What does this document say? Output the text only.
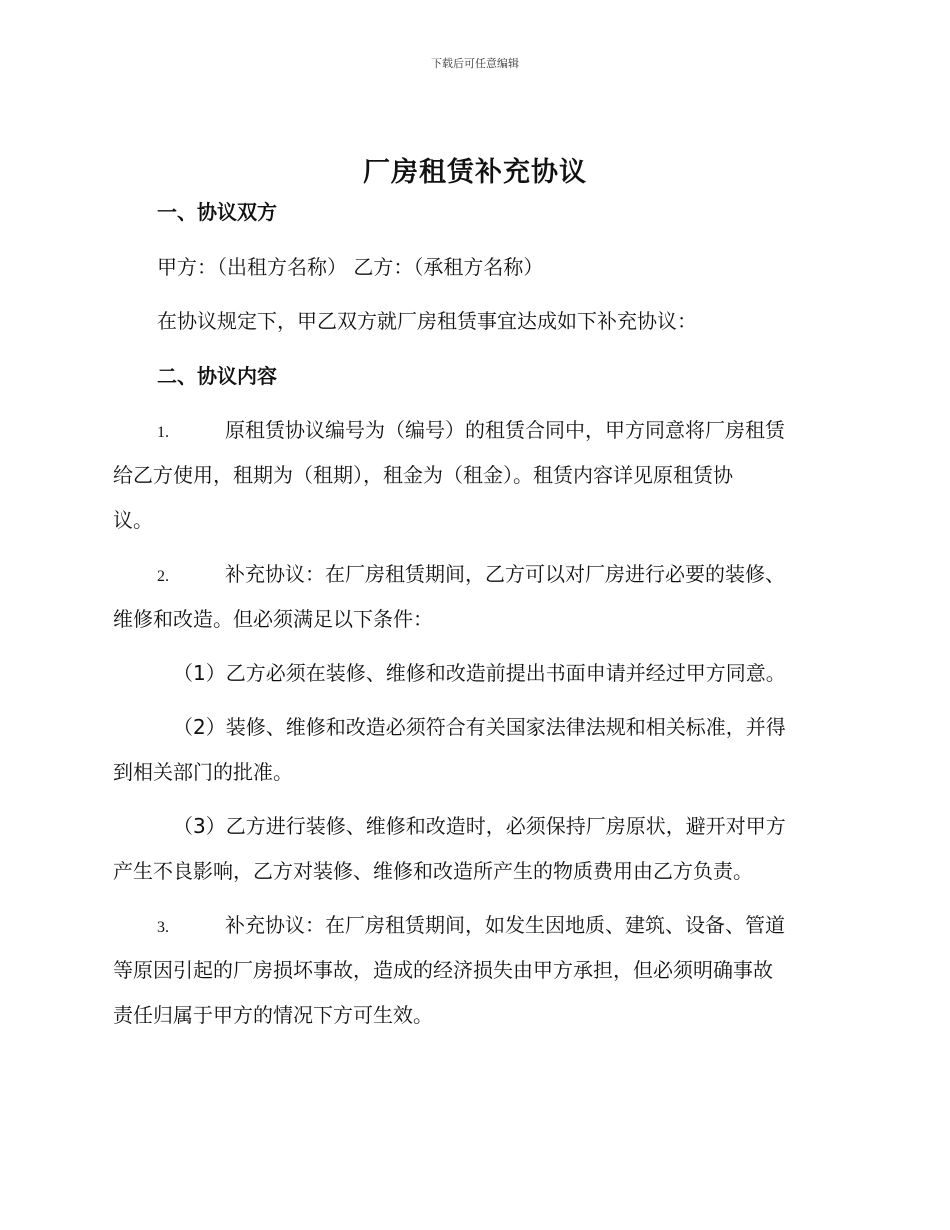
下载后可任意编辑
厂房租赁补充协议
一、协议双方
甲方：（出租方名称） 乙方：（承租方名称）
在协议规定下，甲乙双方就厂房租赁事宜达成如下补充协议：
二、协议内容
1.	原租赁协议编号为（编号）的租赁合同中，甲方同意将厂房租赁
给乙方使用，租期为（租期），租金为（租金）。租赁内容详见原租赁协
议。
2.	补充协议：在厂房租赁期间，乙方可以对厂房进行必要的装修、
维修和改造。但必须满足以下条件：
（1）乙方必须在装修、维修和改造前提出书面申请并经过甲方同意。
（2）装修、维修和改造必须符合有关国家法律法规和相关标准，并得
到相关部门的批准。
（3）乙方进行装修、维修和改造时，必须保持厂房原状，避开对甲方
产生不良影响，乙方对装修、维修和改造所产生的物质费用由乙方负责。
3.	补充协议：在厂房租赁期间，如发生因地质、建筑、设备、管道
等原因引起的厂房损坏事故，造成的经济损失由甲方承担，但必须明确事故
责任归属于甲方的情况下方可生效。
